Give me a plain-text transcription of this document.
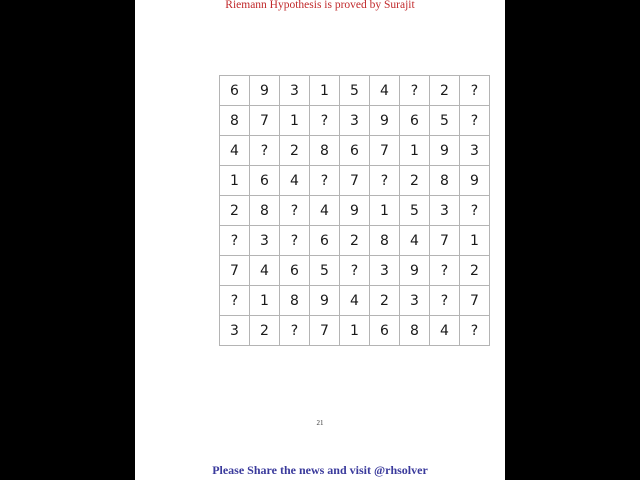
Riemann Hypothesis is proved by Surajit
6	9	3	1	5	4	?	2	?
8	7	1	?	3	9	6	5	?
4	?	2	8	6	7	1	9	3
1	6	4	?	7	?	2	8	9
2	8	?	4	9	1	5	3	?
?	3	?	6	2	8	4	7	1
7	4	6	5	?	3	9	?	2
?	1	8	9	4	2	3	?	7
3	2	?	7	1	6	8	4	?
21
Please Share the news and visit @rhsolver
